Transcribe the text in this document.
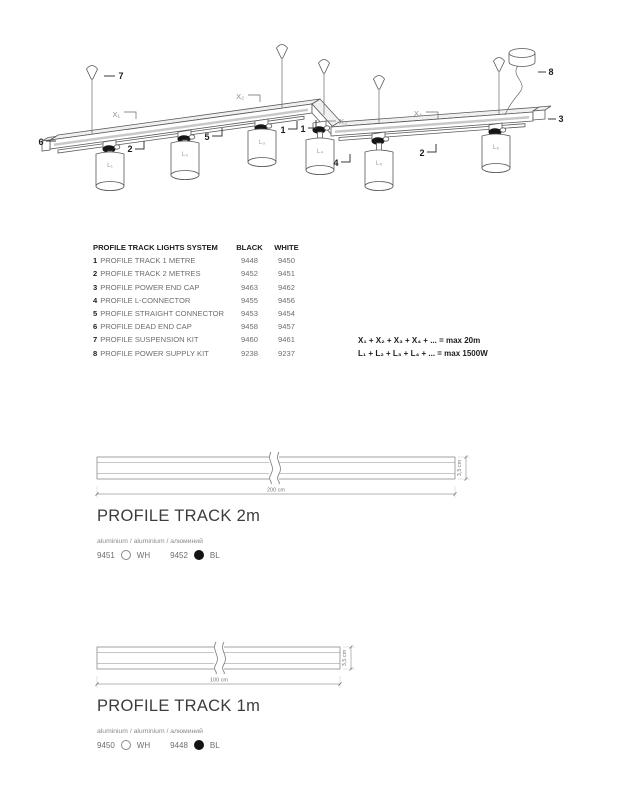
L₁
L₂
L₃
L₄
L₅
L₆
X₁
X₂
X₃
X₄
7	8
3
6
2
5
1 1
4
2
PROFILE TRACK LIGHTS SYSTEM	BLACK	WHITE
1 PROFILE TRACK 1 METRE	9448	9450
2 PROFILE TRACK 2 METRES	9452	9451
3 PROFILE POWER END CAP	9463	9462
4 PROFILE L-CONNECTOR	9455	9456
5 PROFILE STRAIGHT CONNECTOR	9453	9454
6 PROFILE DEAD END CAP	9458	9457
7 PROFILE SUSPENSION KIT	9460	9461
8 PROFILE POWER SUPPLY KIT	9238	9237
X₁ + X₂ + X₃ + X₄ + ... = max 20m
L₁ + L₂ + L₃ + L₄ + ... = max 1500W
200 cm
3,5 cm
PROFILE TRACK 2m
aluminium / aluminium / алюминий
9451	WH	9452	BL
100 cm
3,5 cm
PROFILE TRACK 1m
aluminium / aluminium / алюминий
9450	WH	9448	BL
